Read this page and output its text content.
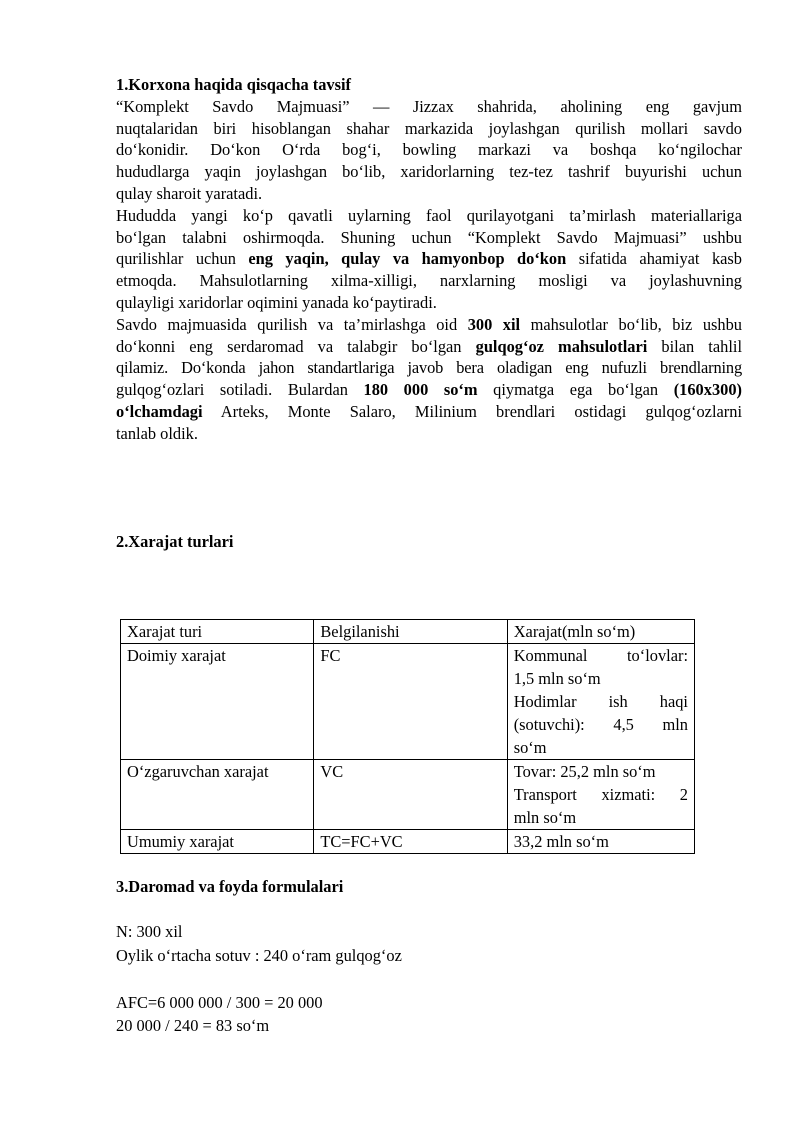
1.Korxona haqida qisqacha tavsif

“Komplekt Savdo Majmuasi” — Jizzax shahrida, aholining eng gavjum

nuqtalaridan biri hisoblangan shahar markazida joylashgan qurilish mollari savdo

do‘konidir. Do‘kon O‘rda bog‘i, bowling markazi va boshqa ko‘ngilochar

hududlarga yaqin joylashgan bo‘lib, xaridorlarning tez-tez tashrif buyurishi uchun

qulay sharoit yaratadi.

Hududda yangi ko‘p qavatli uylarning faol qurilayotgani ta’mirlash materiallariga

bo‘lgan talabni oshirmoqda. Shuning uchun “Komplekt Savdo Majmuasi” ushbu

qurilishlar uchun eng yaqin, qulay va hamyonbop do‘kon sifatida ahamiyat kasb

etmoqda. Mahsulotlarning xilma-xilligi, narxlarning mosligi va joylashuvning

qulayligi xaridorlar oqimini yanada ko‘paytiradi.

Savdo majmuasida qurilish va ta’mirlashga oid 300 xil mahsulotlar bo‘lib, biz ushbu

do‘konni eng serdaromad va talabgir bo‘lgan gulqog‘oz mahsulotlari bilan tahlil

qilamiz. Do‘konda jahon standartlariga javob bera oladigan eng nufuzli brendlarning

gulqog‘ozlari sotiladi. Bulardan 180 000 so‘m qiymatga ega bo‘lgan (160x300)

o‘lchamdagi Arteks, Monte Salaro, Milinium brendlari ostidagi gulqog‘ozlarni

tanlab oldik.

2.Xarajat turlari
Xarajat turi	Belgilanishi	Xarajat(mln so‘m)
Doimiy xarajat	FC	Kommunal to‘lovlar:
1,5 mln so‘m
Hodimlar ish haqi
(sotuvchi): 4,5 mln
so‘m

O‘zgaruvchan xarajat	VC	Tovar: 25,2 mln so‘m
Transport xizmati: 2
mln so‘m

Umumiy xarajat	TC=FC+VC	33,2 mln so‘m
3.Daromad va foyda formulalari

N: 300 xil

Oylik o‘rtacha sotuv : 240 o‘ram gulqog‘oz

AFC=6 000 000 / 300 = 20 000

20 000 / 240 = 83 so‘m
